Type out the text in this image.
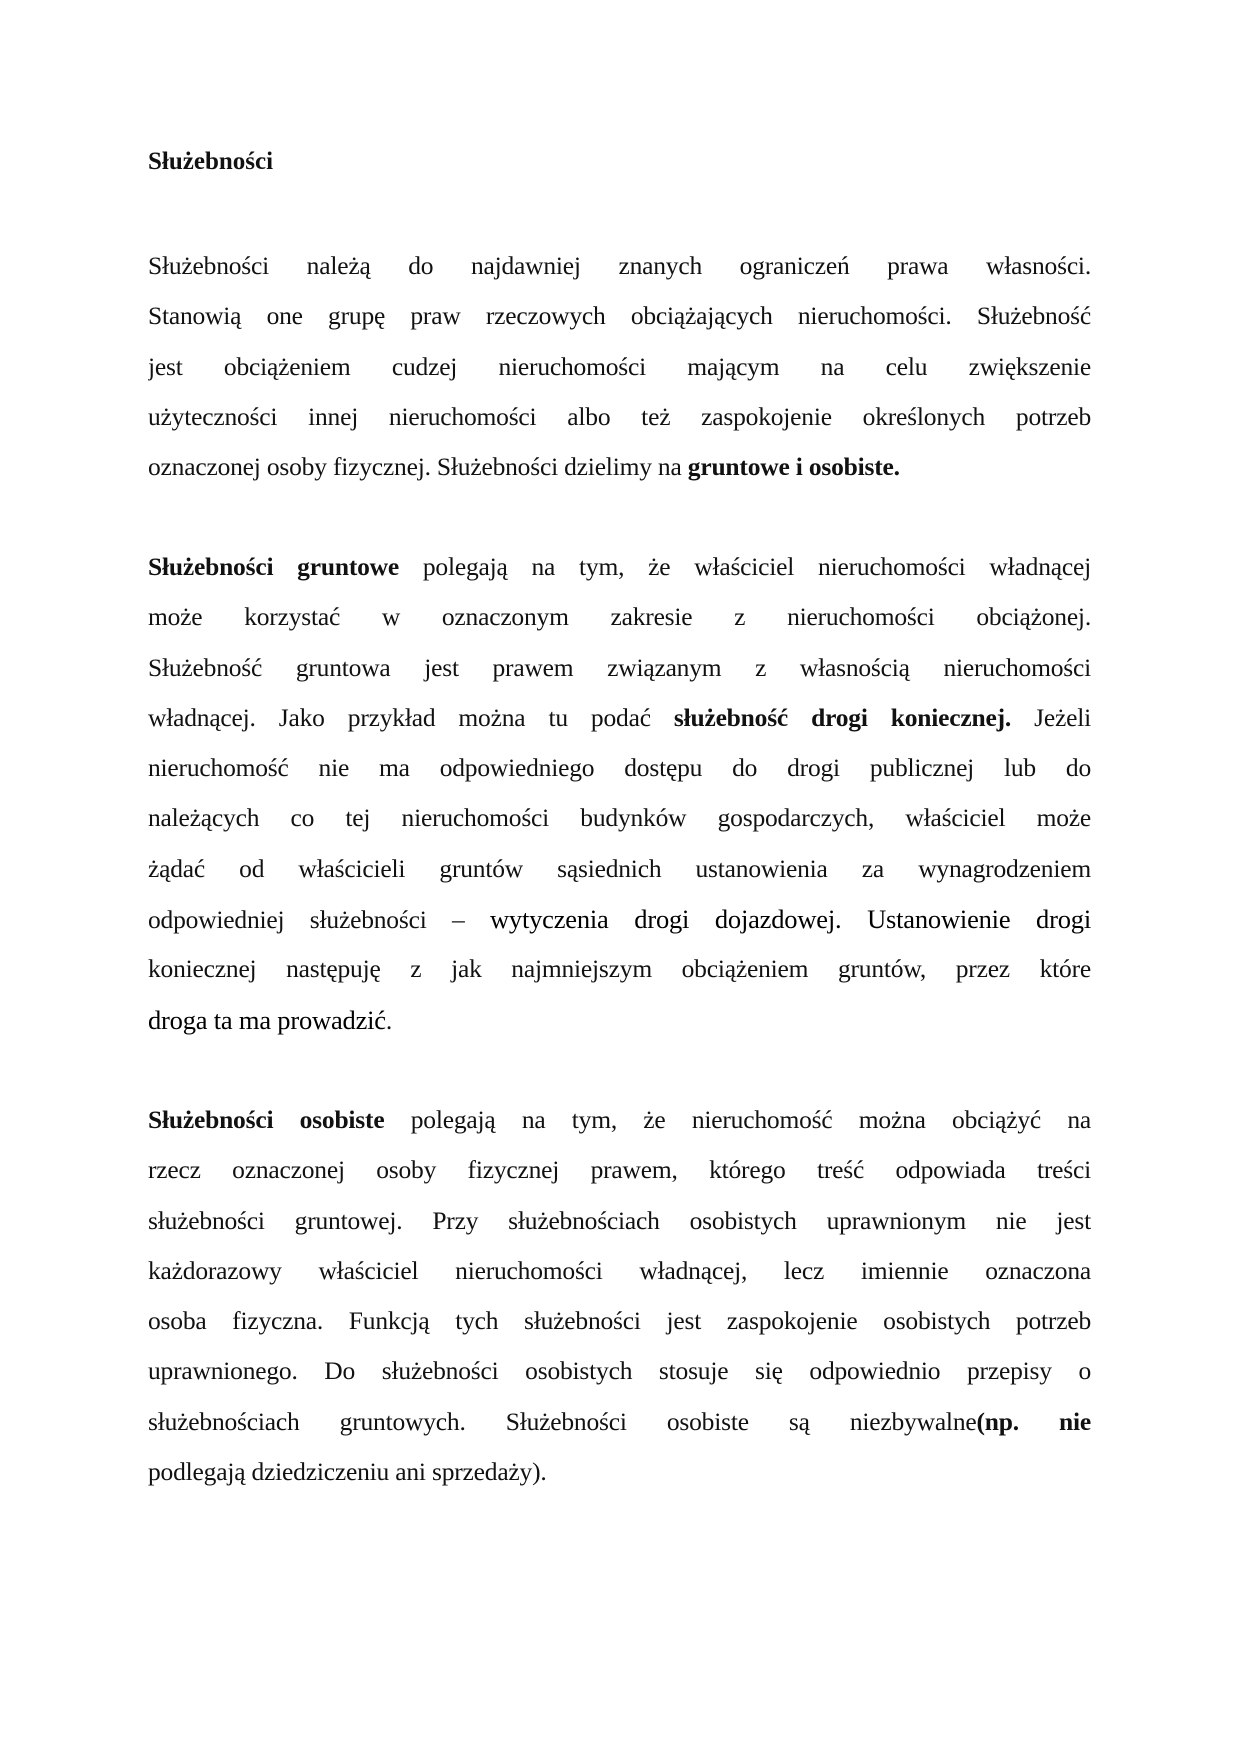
Służebności
Służebności należą do najdawniej znanych ograniczeń prawa własności.
Stanowią one grupę praw rzeczowych obciążających nieruchomości. Służebność
jest obciążeniem cudzej nieruchomości mającym na celu zwiększenie
użyteczności innej nieruchomości albo też zaspokojenie określonych potrzeb
oznaczonej osoby fizycznej. Służebności dzielimy na gruntowe i osobiste.
Służebności gruntowe polegają na tym, że właściciel nieruchomości władnącej
może korzystać w oznaczonym zakresie z nieruchomości obciążonej.
Służebność gruntowa jest prawem związanym z własnością nieruchomości
władnącej. Jako przykład można tu podać służebność drogi koniecznej. Jeżeli
nieruchomość nie ma odpowiedniego dostępu do drogi publicznej lub do
należących co tej nieruchomości budynków gospodarczych, właściciel może
żądać od właścicieli gruntów sąsiednich ustanowienia za wynagrodzeniem
odpowiedniej służebności – wytyczenia drogi dojazdowej. Ustanowienie drogi
koniecznej następuję z jak najmniejszym obciążeniem gruntów, przez które
droga ta ma prowadzić.
Służebności osobiste polegają na tym, że nieruchomość można obciążyć na
rzecz oznaczonej osoby fizycznej prawem, którego treść odpowiada treści
służebności gruntowej. Przy służebnościach osobistych uprawnionym nie jest
każdorazowy właściciel nieruchomości władnącej, lecz imiennie oznaczona
osoba fizyczna. Funkcją tych służebności jest zaspokojenie osobistych potrzeb
uprawnionego. Do służebności osobistych stosuje się odpowiednio przepisy o
służebnościach gruntowych. Służebności osobiste są niezbywalne(np. nie
podlegają dziedziczeniu ani sprzedaży).
